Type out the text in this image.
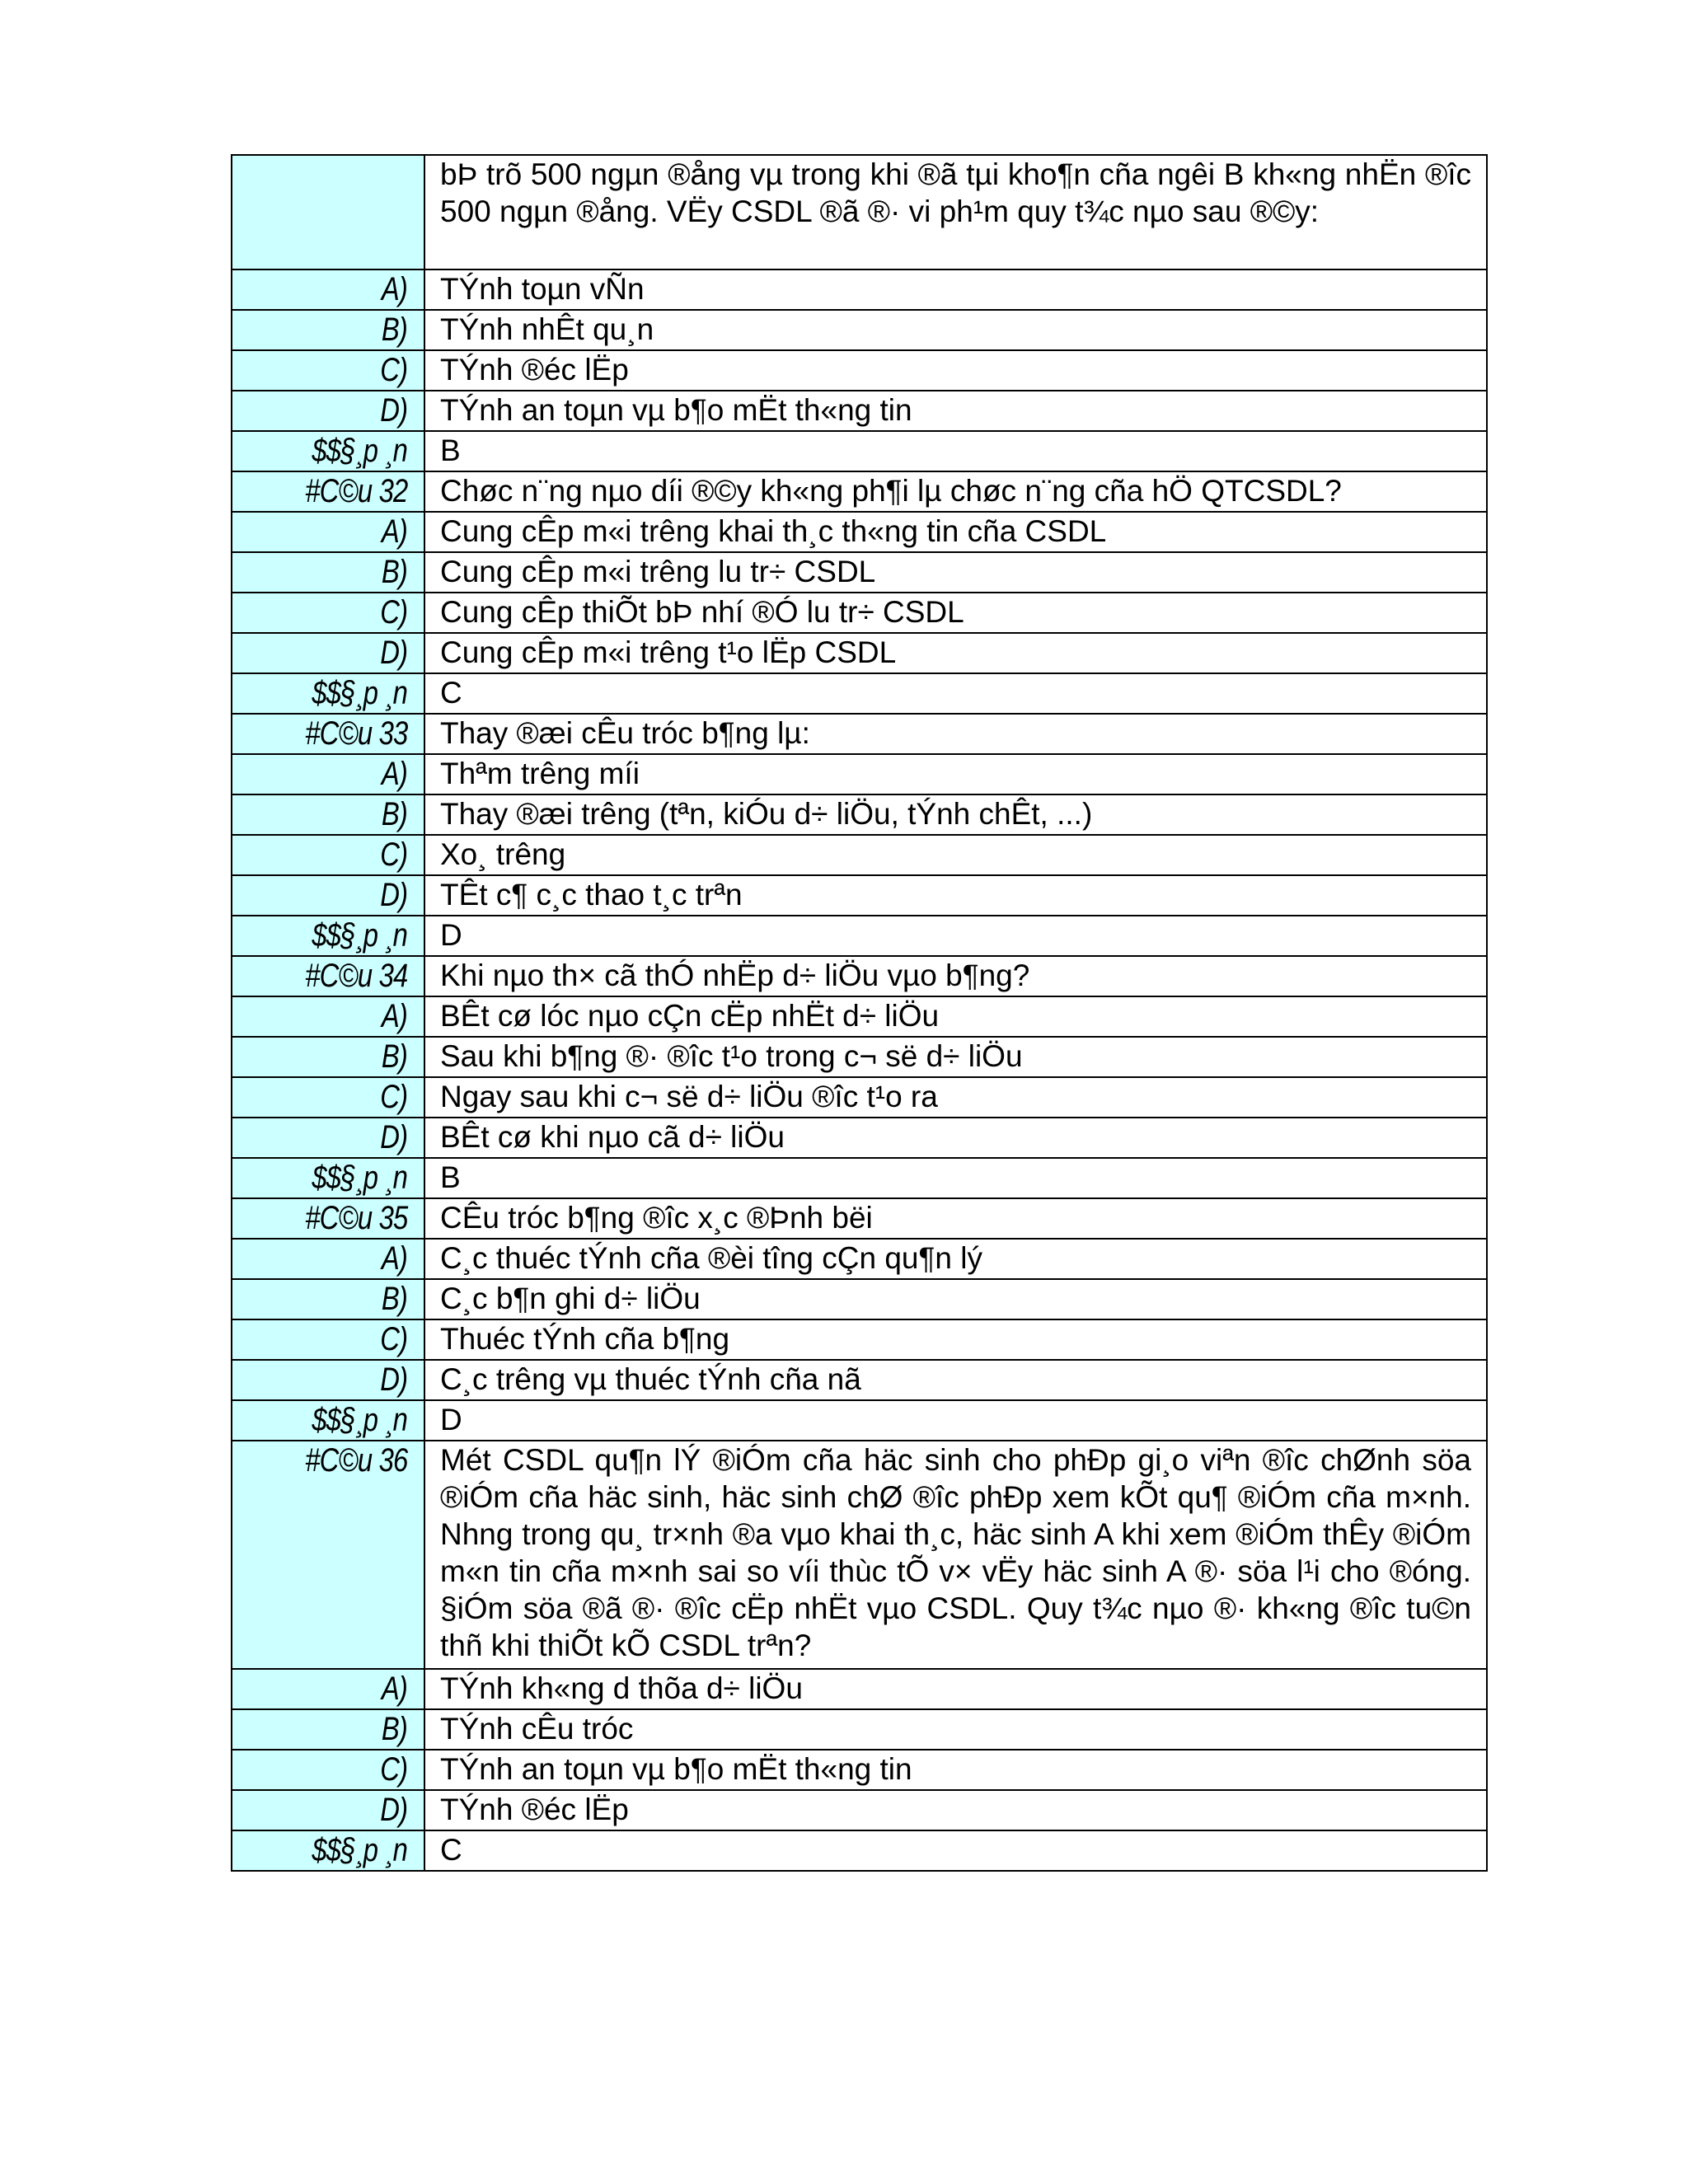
	bÞ trõ 500 ngµn ®ång vµ trong khi ®ã tµi kho¶n cña ngêi B kh«ng nhËn ®îc 500 ngµn ®ång. VËy CSDL ®ã ®· vi ph¹m quy t¾c nµo sau ®©y:
A)	TÝnh toµn vÑn
B)	TÝnh nhÊt qu¸n
C)	TÝnh ®éc lËp
D)	TÝnh an toµn vµ b¶o mËt th«ng tin
$$§¸p ¸n	B
#C©u 32	Chøc n¨ng nµo díi ®©y kh«ng ph¶i lµ chøc n¨ng cña hÖ QTCSDL?
A)	Cung cÊp m«i trêng khai th¸c th«ng tin cña CSDL
B)	Cung cÊp m«i trêng lu tr÷ CSDL
C)	Cung cÊp thiÕt bÞ nhí ®Ó lu tr÷ CSDL
D)	Cung cÊp m«i trêng t¹o lËp CSDL
$$§¸p ¸n	C
#C©u 33	Thay ®æi cÊu tróc b¶ng lµ:
A)	Thªm trêng míi
B)	Thay ®æi trêng (tªn, kiÓu d÷ liÖu, tÝnh chÊt, ...)
C)	Xo¸ trêng
D)	TÊt c¶ c¸c thao t¸c trªn
$$§¸p ¸n	D
#C©u 34	Khi nµo th× cã thÓ nhËp d÷ liÖu vµo b¶ng?
A)	BÊt cø lóc nµo cÇn cËp nhËt d÷ liÖu
B)	Sau khi b¶ng ®· ®îc t¹o trong c¬ së d÷ liÖu
C)	Ngay sau khi c¬ së d÷ liÖu ®îc t¹o ra
D)	BÊt cø khi nµo cã d÷ liÖu
$$§¸p ¸n	B
#C©u 35	CÊu tróc b¶ng ®îc x¸c ®Þnh bëi
A)	C¸c thuéc tÝnh cña ®èi tîng cÇn qu¶n lý
B)	C¸c b¶n ghi d÷ liÖu
C)	Thuéc tÝnh cña b¶ng
D)	C¸c trêng vµ thuéc tÝnh cña nã
$$§¸p ¸n	D
#C©u 36	Mét CSDL qu¶n lÝ ®iÓm cña häc sinh cho phÐp gi¸o viªn ®îc chØnh söa ®iÓm cña häc sinh, häc sinh chØ ®îc phÐp xem kÕt qu¶ ®iÓm cña m×nh. Nhng trong qu¸ tr×nh ®a vµo khai th¸c, häc sinh A khi xem ®iÓm thÊy ®iÓm m«n tin cña m×nh sai so víi thùc tÕ v× vËy häc sinh A ®· söa l¹i cho ®óng. §iÓm söa ®ã ®· ®îc cËp nhËt vµo CSDL. Quy t¾c nµo ®· kh«ng ®îc tu©n thñ khi thiÕt kÕ CSDL trªn?
A)	TÝnh kh«ng d thõa d÷ liÖu
B)	TÝnh cÊu tróc
C)	TÝnh an toµn vµ b¶o mËt th«ng tin
D)	TÝnh ®éc lËp
$$§¸p ¸n	C
